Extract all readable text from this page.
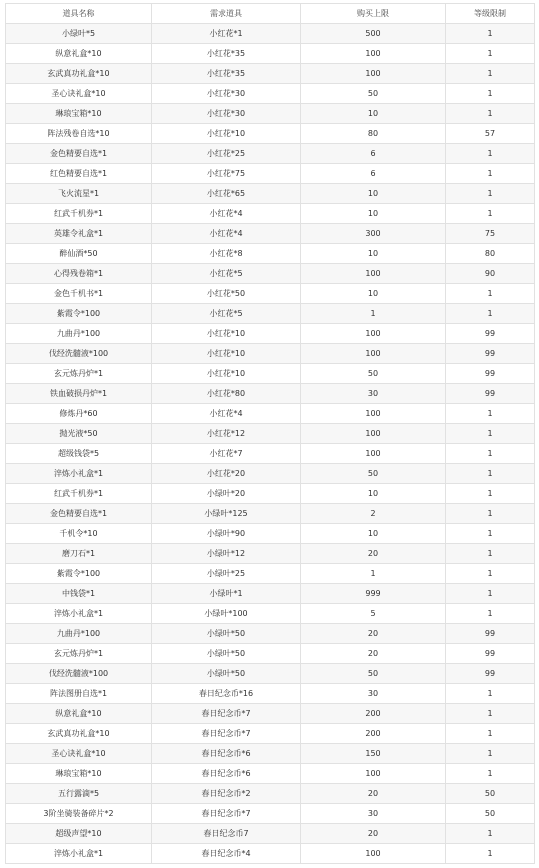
道具名称	需求道具	购买上限	等级限制
小绿叶*5	小红花*1	500	1
纵意礼盒*10	小红花*35	100	1
玄武真功礼盒*10	小红花*35	100	1
圣心诀礼盒*10	小红花*30	50	1
琳琅宝箱*10	小红花*30	10	1
阵法残卷自选*10	小红花*10	80	57
金色精要自选*1	小红花*25	6	1
红色精要自选*1	小红花*75	6	1
飞火流星*1	小红花*65	10	1
红武千机券*1	小红花*4	10	1
英雄令礼盒*1	小红花*4	300	75
醉仙酒*50	小红花*8	10	80
心得残卷箱*1	小红花*5	100	90
金色千机书*1	小红花*50	10	1
紫霞令*100	小红花*5	1	1
九曲丹*100	小红花*10	100	99
伐经洗髓液*100	小红花*10	100	99
玄元炼丹炉*1	小红花*10	50	99
铁血破损丹炉*1	小红花*80	30	99
修炼丹*60	小红花*4	100	1
抛光液*50	小红花*12	100	1
超级钱袋*5	小红花*7	100	1
淬炼小礼盒*1	小红花*20	50	1
红武千机券*1	小绿叶*20	10	1
金色精要自选*1	小绿叶*125	2	1
千机令*10	小绿叶*90	10	1
磨刀石*1	小绿叶*12	20	1
紫霞令*100	小绿叶*25	1	1
中钱袋*1	小绿叶*1	999	1
淬炼小礼盒*1	小绿叶*100	5	1
九曲丹*100	小绿叶*50	20	99
玄元炼丹炉*1	小绿叶*50	20	99
伐经洗髓液*100	小绿叶*50	50	99
阵法图册自选*1	春日纪念币*16	30	1
纵意礼盒*10	春日纪念币*7	200	1
玄武真功礼盒*10	春日纪念币*7	200	1
圣心诀礼盒*10	春日纪念币*6	150	1
琳琅宝箱*10	春日纪念币*6	100	1
五行露滴*5	春日纪念币*2	20	50
3阶坐骑装备碎片*2	春日纪念币*7	30	50
超级声望*10	春日纪念币7	20	1
淬炼小礼盒*1	春日纪念币*4	100	1
